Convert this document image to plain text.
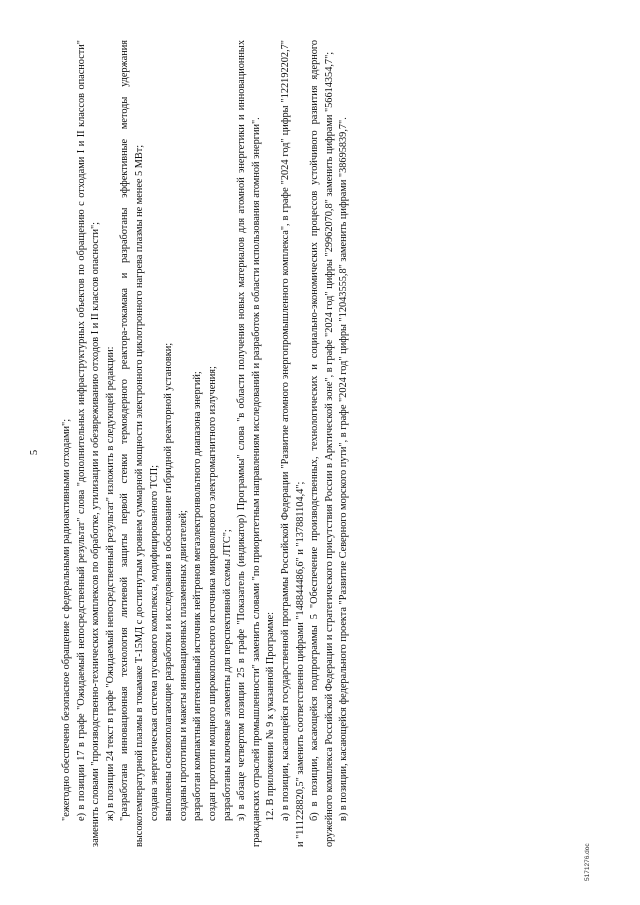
5 "ежегодно обеспечено безопасное обращение с федеральными радиоактивными отходами"; е) в позиции 17 в графе "Ожидаемый непосредственный результат" слова "дополнительных инфраструктурных объектов по обращению с отходами I и II классов опасности" заменить словами "производственно-технических комплексов по обработке, утилизации и обезвреживанию отходов I и II классов опасности"; ж) в позиции 24 текст в графе "Ожидаемый непосредственный результат" изложить в следующей редакции: "разработана инновационная технология литиевой защиты первой стенки термоядерного реактора-токамака и разработаны эффективные методы удержания высокотемпературной плазмы в токамаке Т-15МД с достигнутым уровнем суммарной мощности электронного циклотронного нагрева плазмы не менее 5 МВт; создана энергетическая система пускового комплекса, модифицированного ТСП; выполнены основополагающие разработки и исследования в обоснование гибридной реакторной установки; созданы прототипы и макеты инновационных плазменных двигателей; разработан компактный интенсивный источник нейтронов мегаэлектронвольтного диапазона энергий; создан прототип мощного широкополосного источника микроволнового электромагнитного излучения; разработаны ключевые элементы для перспективной схемы ЛТС"; з) в абзаце четвертом позиции 25 в графе "Показатель (индикатор) Программы" слова "в области получения новых материалов для атомной энергетики и инновационных гражданских отраслей промышленности" заменить словами "по приоритетным направлениям исследований и разработок в области использования атомной энергии". 12. В приложении № 9 к указанной Программе: а) в позиции, касающейся государственной программы Российской Федерации "Развитие атомного энергопромышленного комплекса", в графе "2024 год" цифры "122192202,7" и "111228820,5" заменить соответственно цифрами "148844486,6" и "137881104,4"; б) в позиции, касающейся подпрограммы 5 "Обеспечение производственных, технологических и социально-экономических процессов устойчивого развития ядерного оружейного комплекса Российской Федерации и стратегического присутствия России в Арктической зоне", в графе "2024 год" цифры "29962070,8" заменить цифрами "56614354,7"; в) в позиции, касающейся федерального проекта "Развитие Северного морского пути", в графе "2024 год" цифры "12043555,8" заменить цифрами "38695839,7".

5171276.doc
